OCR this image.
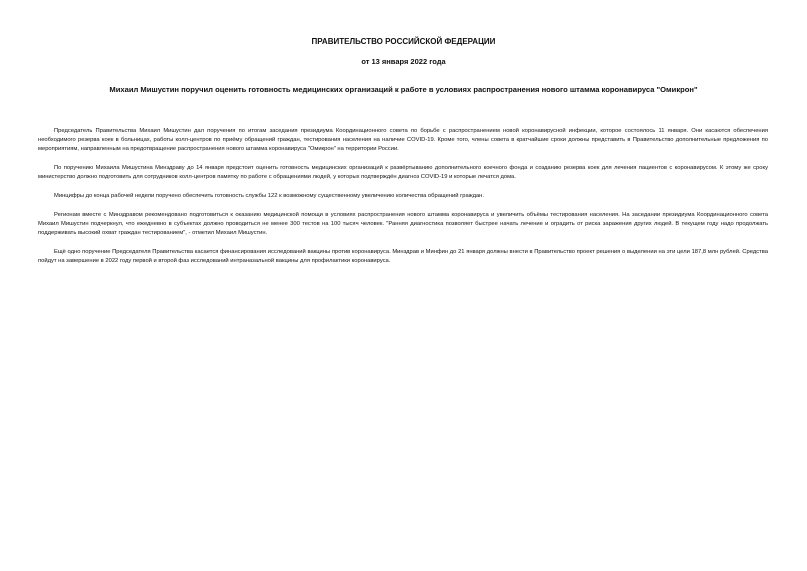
ПРАВИТЕЛЬСТВО РОССИЙСКОЙ ФЕДЕРАЦИИ

от 13 января 2022 года

Михаил Мишустин поручил оценить готовность медицинских организаций к работе в условиях распространения нового штамма коронавируса "Омикрон"

Председатель Правительства Михаил Мишустин дал поручения по итогам заседания президиума Координационного совета по борьбе с распространением новой коронавирусной инфекции, которое состоялось 11 января. Они касаются обеспечения необходимого резерва коек в больницах, работы колл-центров по приёму обращений граждан, тестирования населения на наличие COVID-19. Кроме того, члены совета в кратчайшие сроки должны представить в Правительство дополнительные предложения по мероприятиям, направленным на предотвращение распространения нового штамма коронавируса "Омикрон" на территории России.

По поручению Михаила Мишустина Минздраву до 14 января предстоит оценить готовность медицинских организаций к развёртыванию дополнительного коечного фонда и созданию резерва коек для лечения пациентов с коронавирусом. К этому же сроку министерство должно подготовить для сотрудников колл-центров памятку по работе с обращениями людей, у которых подтверждён диагноз COVID-19 и которые лечатся дома.

Минцифры до конца рабочей недели поручено обеспечить готовность службы 122 к возможному существенному увеличению количества обращений граждан.

Регионам вместе с Минздравом рекомендовано подготовиться к оказанию медицинской помощи в условиях распространения нового штамма коронавируса и увеличить объёмы тестирования населения. На заседании президиума Координационного совета Михаил Мишустин подчеркнул, что ежедневно в субъектах должно проводиться не менее 300 тестов на 100 тысяч человек. "Ранняя диагностика позволяет быстрее начать лечение и оградить от риска заражения других людей. В текущем году надо продолжать поддерживать высокий охват граждан тестированием", - отметил Михаил Мишустин.

Ещё одно поручение Председателя Правительства касается финансирования исследований вакцины против коронавируса. Минздрав и Минфин до 21 января должны внести в Правительство проект решения о выделении на эти цели 187,8 млн рублей. Средства пойдут на завершение в 2022 году первой и второй фаз исследований интраназальной вакцины для профилактики коронавируса.
